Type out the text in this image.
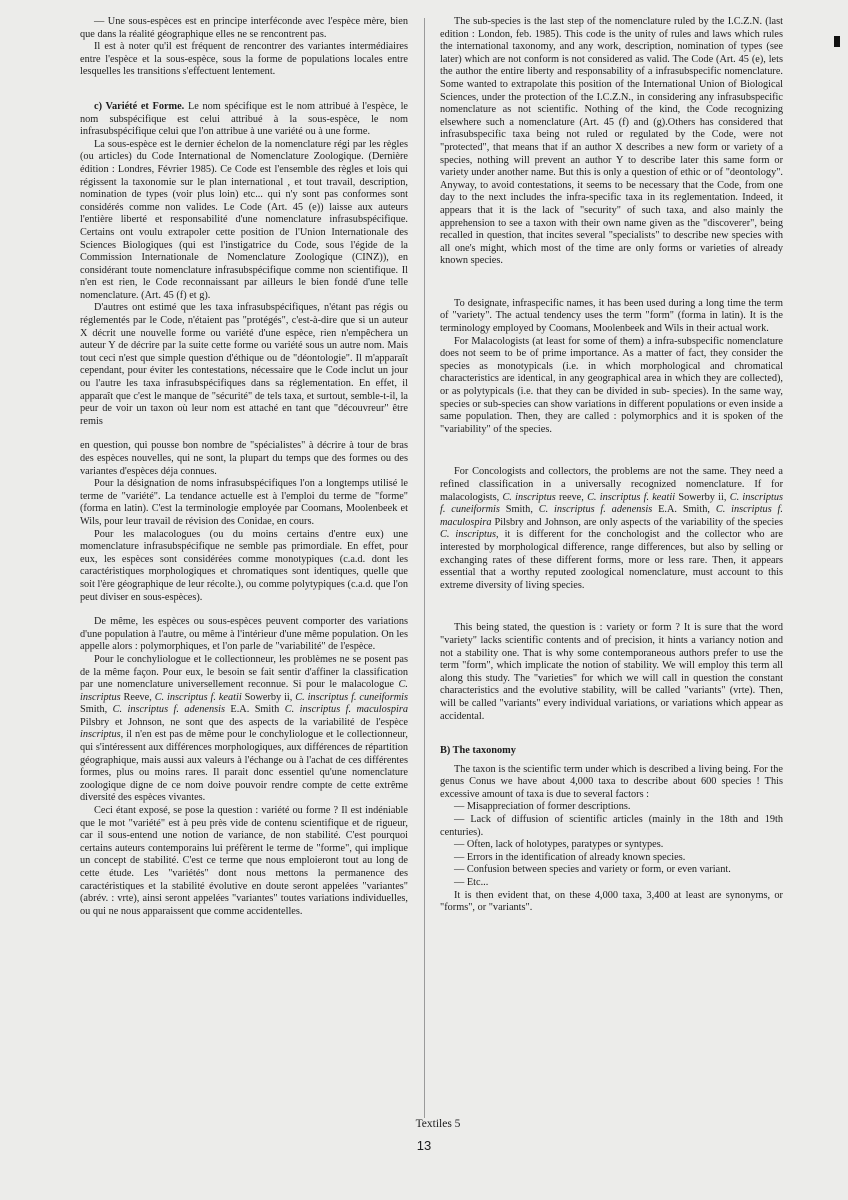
— Une sous-espèces est en principe interféconde avec l'espèce mère, bien que dans la réalité géographique elles ne se rencontrent pas.

Il est à noter qu'il est fréquent de rencontrer des variantes intermédiaires entre l'espèce et la sous-espèce, sous la forme de populations locales entre lesquelles les transitions s'effectuent lentement.

c) Variété et Forme. Le nom spécifique est le nom attribué à l'espèce, le nom subspécifique est celui attribué à la sous-espèce, le nom infrasubspécifique celui que l'on attribue à une variété ou à une forme.

La sous-espèce est le dernier échelon de la nomenclature régi par les règles (ou articles) du Code International de Nomenclature Zoologique. (Dernière édition : Londres, Février 1985). Ce Code est l'ensemble des règles et lois qui régissent la taxonomie sur le plan international , et tout travail, description, nomination de types (voir plus loin) etc... qui n'y sont pas conformes sont considérés comme non valides. Le Code (Art. 45 (e)) laisse aux auteurs l'entière liberté et responsabilité d'une nomenclature infrasubspécifique. Certains ont voulu extrapoler cette position de l'Union Internationale des Sciences Biologiques (qui est l'instigatrice du Code, sous l'égide de la Commission Internationale de Nomenclature Zoologique (CINZ)), en considérant toute nomenclature infrasubspécifique comme non scientifique. Il n'en est rien, le Code reconnaissant par ailleurs le bien fondé d'une telle nomenclature. (Art. 45 (f) et g).

D'autres ont estimé que les taxa infrasubspécifiques, n'étant pas régis ou réglementés par le Code, n'étaient pas "protégés", c'est-à-dire que si un auteur X décrit une nouvelle forme ou variété d'une espèce, rien n'empêchera un auteur Y de décrire par la suite cette forme ou variété sous un autre nom. Mais tout ceci n'est que simple question d'éthique ou de "déontologie". Il m'apparaît cependant, pour éviter les contestations, nécessaire que le Code inclut un jour ou l'autre les taxa infrasubspécifiques dans sa réglementation. En effet, il apparaît que c'est le manque de "sécurité" de tels taxa, et surtout, semble-t-il, la peur de voir un taxon où leur nom est attaché en tant que "découvreur" être remis

en question, qui pousse bon nombre de "spécialistes" à décrire à tour de bras des espèces nouvelles, qui ne sont, la plupart du temps que des formes ou des variantes d'espèces déja connues.

Pour la désignation de noms infrasubspécifiques l'on a longtemps utilisé le terme de "variété". La tendance actuelle est à l'emploi du terme de "forme" (forma en latin). C'est la terminologie employée par Coomans, Moolenbeek et Wils, pour leur travail de révision des Conidae, en cours.

Pour les malacologues (ou du moins certains d'entre eux) une momenclature infrasubspécifique ne semble pas primordiale. En effet, pour eux, les espèces sont considérées comme monotypiques (c.a.d. dont les caractéristiques morphologiques et chromatiques sont identiques, quelle que soit l'ère géographique de leur récolte.), ou comme polytypiques (c.a.d. que l'on peut diviser en sous-espèces).

De même, les espèces ou sous-espèces peuvent comporter des variations d'une population à l'autre, ou même à l'intérieur d'une même population. On les appelle alors : polymorphiques, et l'on parle de "variabilité" de l'espèce.

Pour le conchyliologue et le collectionneur, les problèmes ne se posent pas de la même façon. Pour eux, le besoin se fait sentir d'affiner la classification par une nomenclature universellement reconnue. Si pour le malacologue C. inscriptus Reeve, C. inscriptus f. keatii Sowerby ii, C. inscriptus f. cuneiformis Smith, C. inscriptus f. adenensis E.A. Smith C. inscriptus f. maculospira Pilsbry et Johnson, ne sont que des aspects de la variabilité de l'espèce inscriptus, il n'en est pas de même pour le conchyliologue et le collectionneur, qui s'intéressent aux différences morphologiques, aux différences de répartition géographique, mais aussi aux valeurs à l'échange ou à l'achat de ces différentes formes, plus ou moins rares. Il parait donc essentiel qu'une nomenclature zoologique digne de ce nom doive pouvoir rendre compte de cette extrême diversité des espèces vivantes.

Ceci étant exposé, se pose la question : variété ou forme ? Il est indéniable que le mot "variété" est à peu près vide de contenu scientifique et de rigueur, car il sous-entend une notion de variance, de non stabilité. C'est pourquoi certains auteurs contemporains lui préfèrent le terme de "forme", qui implique un concept de stabilité. C'est ce terme que nous emploieront tout au long de cette étude. Les "variétés" dont nous mettons la permanence des caractéristiques et la stabilité évolutive en doute seront appelées "variantes" (abrév. : vrte), ainsi seront appelées "variantes" toutes variations individuelles, ou qui ne nous apparaissent que comme accidentelles.

The sub-species is the last step of the nomenclature ruled by the I.C.Z.N. (last edition : London, feb. 1985). This code is the unity of rules and laws which rules the international taxonomy, and any work, description, nomination of types (see later) which are not conform is not considered as valid. The Code (Art. 45 (e), lets the author the entire liberty and responsability of a infrasubspecific nomenclature. Some wanted to extrapolate this position of the International Union of Biological Sciences, under the protection of the I.C.Z.N., in considering any infrasubspecific nomenclature as not scientific. Nothing of the kind, the Code recognizing elsewhere such a nomenclature (Art. 45 (f) and (g).Others has considered that infrasubspecific taxa being not ruled or regulated by the Code, were not "protected", that means that if an author X describes a new form or variety of a species, nothing will prevent an author Y to describe later this same form or variety under another name. But this is only a question of ethic or of "deontology". Anyway, to avoid contestations, it seems to be necessary that the Code, from one day to the next includes the infra-specific taxa in its reglementation. Indeed, it appears that it is the lack of "security" of such taxa, and also mainly the apprehension to see a taxon with their own name given as the "discoverer", being recalled in question, that incites several "specialists" to describe new species with all one's might, which most of the time are only forms or varieties of already known species.

To designate, infraspecific names, it has been used during a long time the term of "variety". The actual tendency uses the term "form" (forma in latin). It is the terminology employed by Coomans, Moolenbeek and Wils in their actual work.

For Malacologists (at least for some of them) a infra-subspecific nomenclature does not seem to be of prime importance. As a matter of fact, they consider the species as monotypicals (i.e. in which morphological and chromatical characteristics are identical, in any geographical area in which they are collected), or as polytypicals (i.e. that they can be divided in sub- species). In the same way, species or sub-species can show variations in different populations or even inside a same population. Then, they are called : polymorphics and it is spoken of the "variability" of the species.

For Concologists and collectors, the problems are not the same. They need a refined classification in a universally recognized nomenclature. If for malacologists, C. inscriptus reeve, C. inscriptus f. keatii Sowerby ii, C. inscriptus f. cuneiformis Smith, C. inscriptus f. adenensis E.A. Smith, C. inscriptus f. maculospira Pilsbry and Johnson, are only aspects of the variability of the species C. inscriptus, it is different for the conchologist and the collector who are interested by morphological difference, range differences, but also by selling or exchanging rates of these different forms, more or less rare. Then, it appears essential that a worthy reputed zoological nomenclature, must account to this extreme diversity of living species.

This being stated, the question is : variety or form ? It is sure that the word "variety" lacks scientific contents and of precision, it hints a variancy notion and not a stability one. That is why some contemporaneous authors prefer to use the term "form", which implicate the notion of stability. We will employ this term all along this study. The "varieties" for which we will call in question the constant characteristics and the evolutive stability, will be called "variants" (vrte). Then, will be called "variants" every individual variations, or variations which appear as accidental.

B) The taxonomy

The taxon is the scientific term under which is described a living being. For the genus Conus we have about 4,000 taxa to describe about 600 species ! This excessive amount of taxa is due to several factors :

— Misappreciation of former descriptions.

— Lack of diffusion of scientific articles (mainly in the 18th and 19th centuries).

— Often, lack of holotypes, paratypes or syntypes.

— Errors in the identification of already known species.

— Confusion between species and variety or form, or even variant.

— Etc...

It is then evident that, on these 4,000 taxa, 3,400 at least are synonyms, or "forms", or "variants".

Textiles 5
13
